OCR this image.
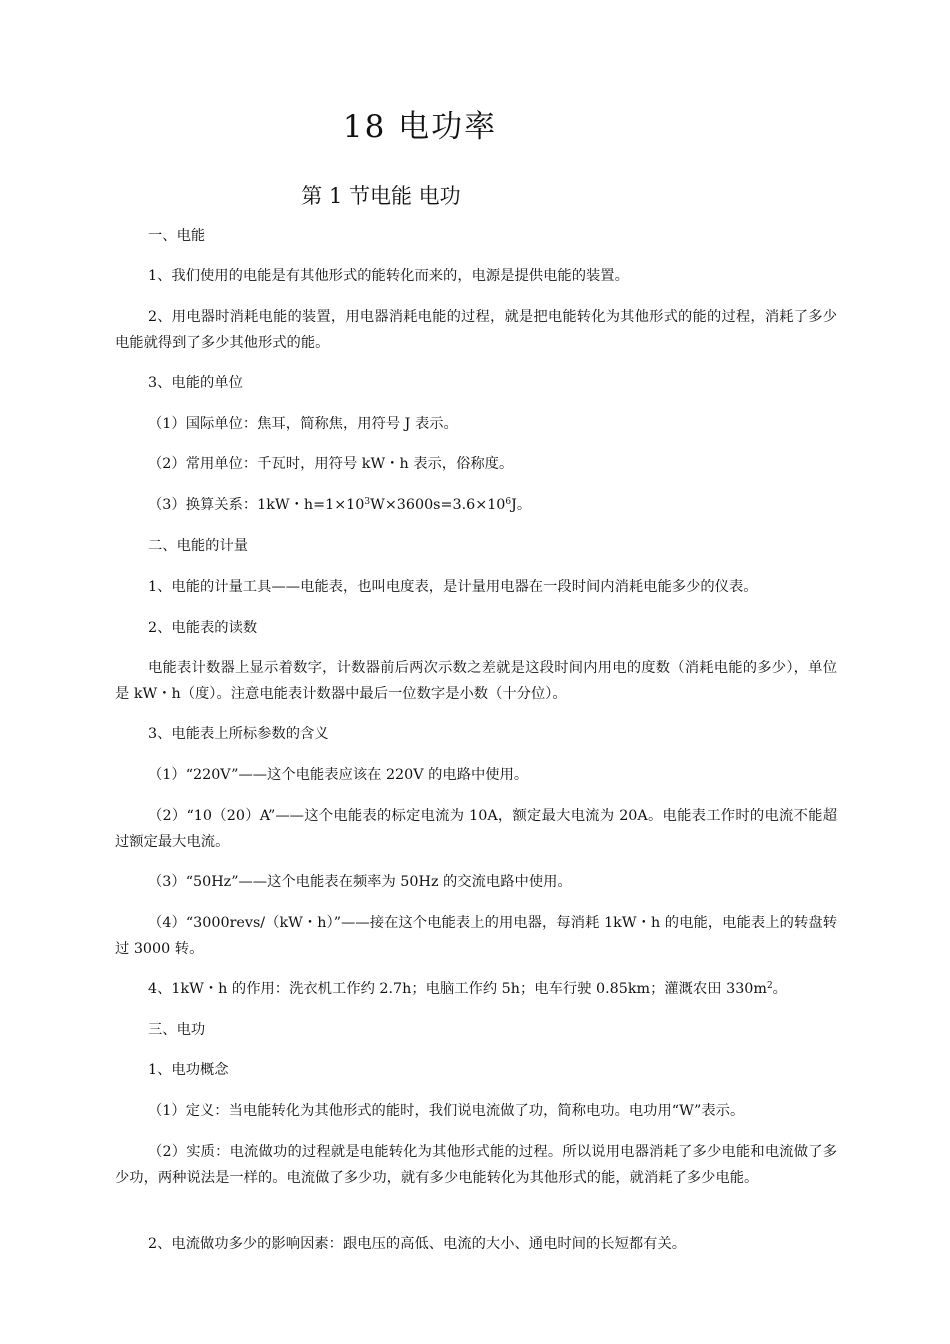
18 电功率
第 1 节电能 电功

一、电能

1、我们使用的电能是有其他形式的能转化而来的，电源是提供电能的装置。

2、用电器时消耗电能的装置，用电器消耗电能的过程，就是把电能转化为其他形式的能的过程，消耗了多少电能就得到了多少其他形式的能。

3、电能的单位

（1）国际单位：焦耳，简称焦，用符号 J 表示。

（2）常用单位：千瓦时，用符号 kW・h 表示，俗称度。

（3）换算关系：1kW・$h=1\times 10^3W\times 3600s=3.6\times 10^6J$。

二、电能的计量

1、电能的计量工具——电能表，也叫电度表，是计量用电器在一段时间内消耗电能多少的仪表。

2、电能表的读数

电能表计数器上显示着数字，计数器前后两次示数之差就是这段时间内用电的度数（消耗电能的多少），单位是 kW・h（度）。注意电能表计数器中最后一位数字是小数（十分位）。

3、电能表上所标参数的含义

（1）“220V”——这个电能表应该在 220V 的电路中使用。

（2）“10（20）A”——这个电能表的标定电流为 10A，额定最大电流为 20A。电能表工作时的电流不能超过额定最大电流。

（3）“50Hz”——这个电能表在频率为 50Hz 的交流电路中使用。

（4）“3000revs/（kW・h）”——接在这个电能表上的用电器，每消耗 1kW・h 的电能，电能表上的转盘转过 3000 转。

4、1kW・h 的作用：洗衣机工作约 2.7h；电脑工作约 5h；电车行驶 0.85km；灌溉农田 $330m^2$。

三、电功

1、电功概念

（1）定义：当电能转化为其他形式的能时，我们说电流做了功，简称电功。电功用“W”表示。

（2）实质：电流做功的过程就是电能转化为其他形式能的过程。所以说用电器消耗了多少电能和电流做了多少功，两种说法是一样的。电流做了多少功，就有多少电能转化为其他形式的能，就消耗了多少电能。

2、电流做功多少的影响因素：跟电压的高低、电流的大小、通电时间的长短都有关。
